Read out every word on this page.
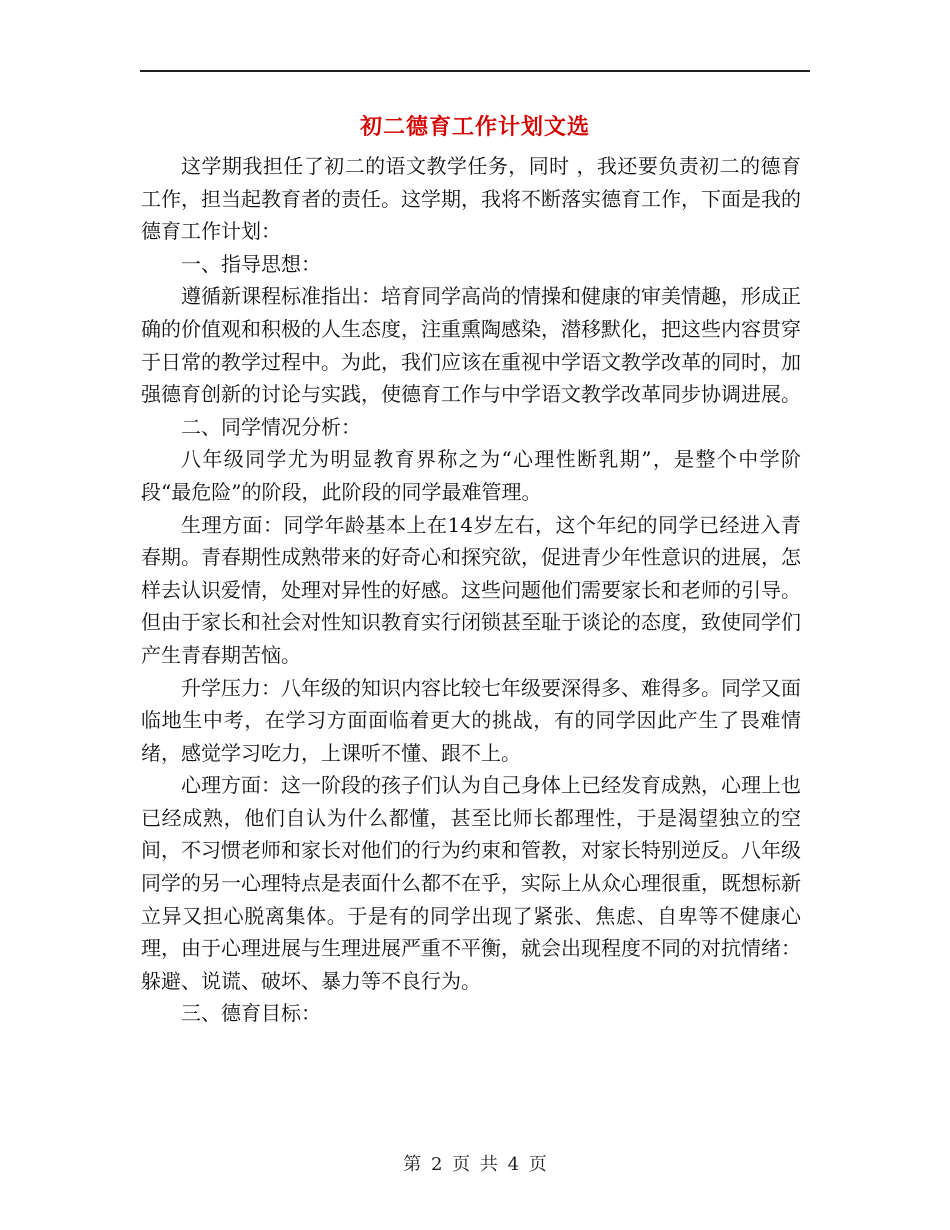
初二德育工作计划文选

这学期我担任了初二的语文教学任务，同时 ，我还要负责初二的德育工作，担当起教育者的责任。这学期，我将不断落实德育工作，下面是我的德育工作计划：

一、指导思想：

遵循新课程标准指出：培育同学高尚的情操和健康的审美情趣，形成正确的价值观和积极的人生态度，注重熏陶感染，潜移默化，把这些内容贯穿于日常的教学过程中。为此，我们应该在重视中学语文教学改革的同时，加强德育创新的讨论与实践，使德育工作与中学语文教学改革同步协调进展。

二、同学情况分析：

八年级同学尤为明显教育界称之为“心理性断乳期”，是整个中学阶段“最危险”的阶段，此阶段的同学最难管理。

生理方面：同学年龄基本上在14岁左右，这个年纪的同学已经进入青春期。青春期性成熟带来的好奇心和探究欲，促进青少年性意识的进展，怎样去认识爱情，处理对异性的好感。这些问题他们需要家长和老师的引导。但由于家长和社会对性知识教育实行闭锁甚至耻于谈论的态度，致使同学们产生青春期苦恼。

升学压力：八年级的知识内容比较七年级要深得多、难得多。同学又面临地生中考，在学习方面面临着更大的挑战，有的同学因此产生了畏难情绪，感觉学习吃力，上课听不懂、跟不上。

心理方面：这一阶段的孩子们认为自己身体上已经发育成熟，心理上也已经成熟，他们自认为什么都懂，甚至比师长都理性，于是渴望独立的空间，不习惯老师和家长对他们的行为约束和管教，对家长特别逆反。八年级同学的另一心理特点是表面什么都不在乎，实际上从众心理很重，既想标新立异又担心脱离集体。于是有的同学出现了紧张、焦虑、自卑等不健康心理，由于心理进展与生理进展严重不平衡，就会出现程度不同的对抗情绪：躲避、说谎、破坏、暴力等不良行为。

三、德育目标：

第 2 页 共 4 页
